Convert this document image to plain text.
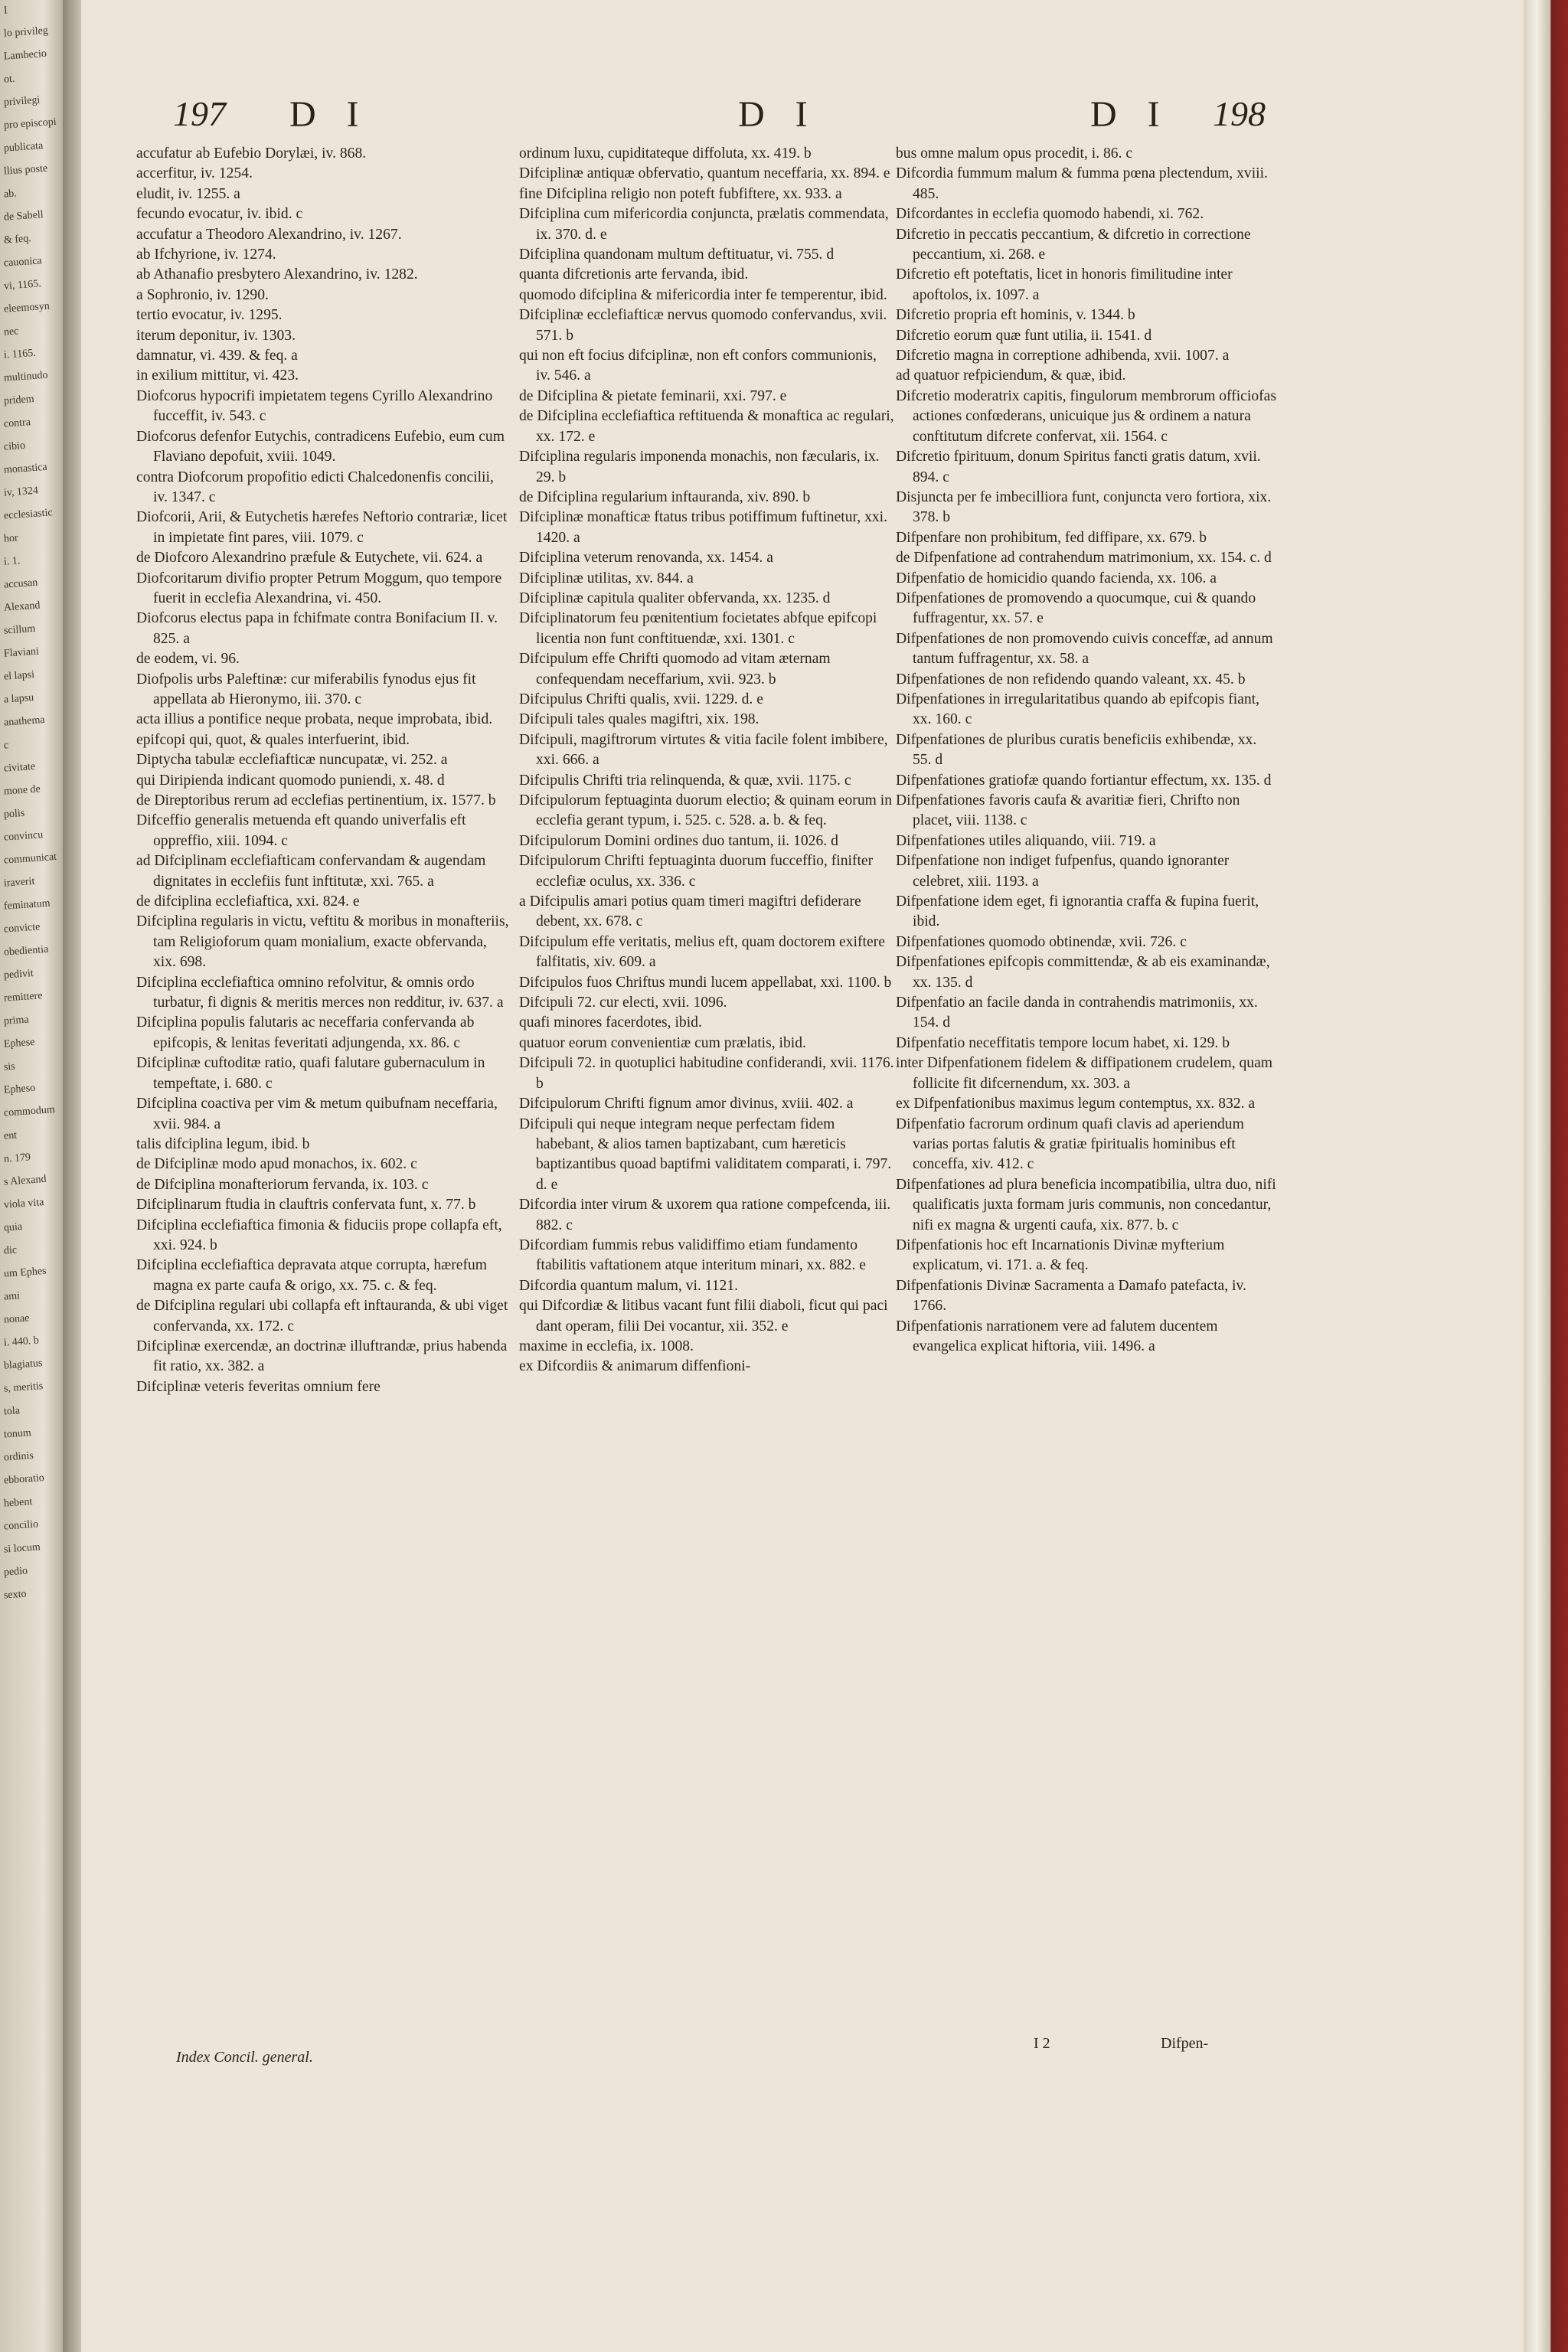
I
lo privileg
Lambecio
ot.
privilegi
pro episcopi
publicata
llius poste
ab.
de Sabell
& feq.
cauonica
vi, 1165.
eleemosyn
nec
i. 1165.
multinudo
pridem
contra
cibio
monastica
iv, 1324
ecclesiastic
hor
i. 1.
accusan
Alexand
scillum
Flaviani
el lapsi
a lapsu
anathema
c
civitate
mone de
polis
convincu
communicat
iraverit
feminatum
convicte
obedientia
pedivit
remittere
prima
Ephese
sis
Epheso
commodum
ent
n. 179
s Alexand
viola vita
quia
dic
um Ephes
ami
nonae
i. 440. b
blagiatus
s, meritis
tola
tonum
ordinis
ebboratio
hebent
concilio
si locum
pedio
sexto
197 D I	D I	D I 198
accufatur ab Eufebio Dorylæi, iv. 868.
accerfitur, iv. 1254.
eludit, iv. 1255. a
fecundo evocatur, iv. ibid. c
accufatur a Theodoro Alexandrino, iv. 1267.
ab Ifchyrione, iv. 1274.
ab Athanafio presbytero Alexandrino, iv. 1282.
a Sophronio, iv. 1290.
tertio evocatur, iv. 1295.
iterum deponitur, iv. 1303.
damnatur, vi. 439. & feq. a
in exilium mittitur, vi. 423.
Diofcorus hypocrifi impietatem tegens Cyrillo Alexandrino fucceffit, iv. 543. c
Diofcorus defenfor Eutychis, contradicens Eufebio, eum cum Flaviano depofuit, xviii. 1049.
contra Diofcorum propofitio edicti Chalcedonenfis concilii, iv. 1347. c
Diofcorii, Arii, & Eutychetis hærefes Neftorio contrariæ, licet in impietate fint pares, viii. 1079. c
de Diofcoro Alexandrino præfule & Eutychete, vii. 624. a
Diofcoritarum divifio propter Petrum Moggum, quo tempore fuerit in ecclefia Alexandrina, vi. 450.
Diofcorus electus papa in fchifmate contra Bonifacium II. v. 825. a
de eodem, vi. 96.
Diofpolis urbs Paleftinæ: cur miferabilis fynodus ejus fit appellata ab Hieronymo, iii. 370. c
acta illius a pontifice neque probata, neque improbata, ibid.
epifcopi qui, quot, & quales interfuerint, ibid.
Diptycha tabulæ ecclefiafticæ nuncupatæ, vi. 252. a
qui Diripienda indicant quomodo puniendi, x. 48. d
de Direptoribus rerum ad ecclefias pertinentium, ix. 1577. b
Difceffio generalis metuenda eft quando univerfalis eft oppreffio, xiii. 1094. c
ad Difciplinam ecclefiafticam confervandam & augendam dignitates in ecclefiis funt inftitutæ, xxi. 765. a
de difciplina ecclefiaftica, xxi. 824. e
Difciplina regularis in victu, veftitu & moribus in monafteriis, tam Religioforum quam monialium, exacte obfervanda, xix. 698.
Difciplina ecclefiaftica omnino refolvitur, & omnis ordo turbatur, fi dignis & meritis merces non redditur, iv. 637. a
Difciplina populis falutaris ac neceffaria confervanda ab epifcopis, & lenitas feveritati adjungenda, xx. 86. c
Difciplinæ cuftoditæ ratio, quafi falutare gubernaculum in tempeftate, i. 680. c
Difciplina coactiva per vim & metum quibufnam neceffaria, xvii. 984. a
talis difciplina legum, ibid. b
de Difciplinæ modo apud monachos, ix. 602. c
de Difciplina monafteriorum fervanda, ix. 103. c
Difciplinarum ftudia in clauftris confervata funt, x. 77. b
Difciplina ecclefiaftica fimonia & fiduciis prope collapfa eft, xxi. 924. b
Difciplina ecclefiaftica depravata atque corrupta, hærefum magna ex parte caufa & origo, xx. 75. c. & feq.
de Difciplina regulari ubi collapfa eft inftauranda, & ubi viget confervanda, xx. 172. c
Difciplinæ exercendæ, an doctrinæ illuftrandæ, prius habenda fit ratio, xx. 382. a
Difciplinæ veteris feveritas omnium fere
ordinum luxu, cupiditateque diffoluta, xx. 419. b
Difciplinæ antiquæ obfervatio, quantum neceffaria, xx. 894. e
fine Difciplina religio non poteft fubfiftere, xx. 933. a
Difciplina cum mifericordia conjuncta, prælatis commendata, ix. 370. d. e
Difciplina quandonam multum deftituatur, vi. 755. d
quanta difcretionis arte fervanda, ibid.
quomodo difciplina & mifericordia inter fe temperentur, ibid.
Difciplinæ ecclefiafticæ nervus quomodo confervandus, xvii. 571. b
qui non eft focius difciplinæ, non eft confors communionis, iv. 546. a
de Difciplina & pietate feminarii, xxi. 797. e
de Difciplina ecclefiaftica reftituenda & monaftica ac regulari, xx. 172. e
Difciplina regularis imponenda monachis, non fæcularis, ix. 29. b
de Difciplina regularium inftauranda, xiv. 890. b
Difciplinæ monafticæ ftatus tribus potiffimum fuftinetur, xxi. 1420. a
Difciplina veterum renovanda, xx. 1454. a
Difciplinæ utilitas, xv. 844. a
Difciplinæ capitula qualiter obfervanda, xx. 1235. d
Difciplinatorum feu pœnitentium focietates abfque epifcopi licentia non funt conftituendæ, xxi. 1301. c
Difcipulum effe Chrifti quomodo ad vitam æternam confequendam neceffarium, xvii. 923. b
Difcipulus Chrifti qualis, xvii. 1229. d. e
Difcipuli tales quales magiftri, xix. 198.
Difcipuli, magiftrorum virtutes & vitia facile folent imbibere, xxi. 666. a
Difcipulis Chrifti tria relinquenda, & quæ, xvii. 1175. c
Difcipulorum feptuaginta duorum electio; & quinam eorum in ecclefia gerant typum, i. 525. c. 528. a. b. & feq.
Difcipulorum Domini ordines duo tantum, ii. 1026. d
Difcipulorum Chrifti feptuaginta duorum fucceffio, finifter ecclefiæ oculus, xx. 336. c
a Difcipulis amari potius quam timeri magiftri defiderare debent, xx. 678. c
Difcipulum effe veritatis, melius eft, quam doctorem exiftere falfitatis, xiv. 609. a
Difcipulos fuos Chriftus mundi lucem appellabat, xxi. 1100. b
Difcipuli 72. cur electi, xvii. 1096.
quafi minores facerdotes, ibid.
quatuor eorum convenientiæ cum prælatis, ibid.
Difcipuli 72. in quotuplici habitudine confiderandi, xvii. 1176. b
Difcipulorum Chrifti fignum amor divinus, xviii. 402. a
Difcipuli qui neque integram neque perfectam fidem habebant, & alios tamen baptizabant, cum hæreticis baptizantibus quoad baptifmi validitatem comparati, i. 797. d. e
Difcordia inter virum & uxorem qua ratione compefcenda, iii. 882. c
Difcordiam fummis rebus validiffimo etiam fundamento ftabilitis vaftationem atque interitum minari, xx. 882. e
Difcordia quantum malum, vi. 1121.
qui Difcordiæ & litibus vacant funt filii diaboli, ficut qui paci dant operam, filii Dei vocantur, xii. 352. e
maxime in ecclefia, ix. 1008.
ex Difcordiis & animarum diffenfioni-
bus omne malum opus procedit, i. 86. c
Difcordia fummum malum & fumma pœna plectendum, xviii. 485.
Difcordantes in ecclefia quomodo habendi, xi. 762.
Difcretio in peccatis peccantium, & difcretio in correctione peccantium, xi. 268. e
Difcretio eft poteftatis, licet in honoris fimilitudine inter apoftolos, ix. 1097. a
Difcretio propria eft hominis, v. 1344. b
Difcretio eorum quæ funt utilia, ii. 1541. d
Difcretio magna in correptione adhibenda, xvii. 1007. a
ad quatuor refpiciendum, & quæ, ibid.
Difcretio moderatrix capitis, fingulorum membrorum officiofas actiones confœderans, unicuique jus & ordinem a natura conftitutum difcrete confervat, xii. 1564. c
Difcretio fpirituum, donum Spiritus fancti gratis datum, xvii. 894. c
Disjuncta per fe imbecilliora funt, conjuncta vero fortiora, xix. 378. b
Difpenfare non prohibitum, fed diffipare, xx. 679. b
de Difpenfatione ad contrahendum matrimonium, xx. 154. c. d
Difpenfatio de homicidio quando facienda, xx. 106. a
Difpenfationes de promovendo a quocumque, cui & quando fuffragentur, xx. 57. e
Difpenfationes de non promovendo cuivis conceffæ, ad annum tantum fuffragentur, xx. 58. a
Difpenfationes de non refidendo quando valeant, xx. 45. b
Difpenfationes in irregularitatibus quando ab epifcopis fiant, xx. 160. c
Difpenfationes de pluribus curatis beneficiis exhibendæ, xx. 55. d
Difpenfationes gratiofæ quando fortiantur effectum, xx. 135. d
Difpenfationes favoris caufa & avaritiæ fieri, Chrifto non placet, viii. 1138. c
Difpenfationes utiles aliquando, viii. 719. a
Difpenfatione non indiget fufpenfus, quando ignoranter celebret, xiii. 1193. a
Difpenfatione idem eget, fi ignorantia craffa & fupina fuerit, ibid.
Difpenfationes quomodo obtinendæ, xvii. 726. c
Difpenfationes epifcopis committendæ, & ab eis examinandæ, xx. 135. d
Difpenfatio an facile danda in contrahendis matrimoniis, xx. 154. d
Difpenfatio neceffitatis tempore locum habet, xi. 129. b
inter Difpenfationem fidelem & diffipationem crudelem, quam follicite fit difcernendum, xx. 303. a
ex Difpenfationibus maximus legum contemptus, xx. 832. a
Difpenfatio facrorum ordinum quafi clavis ad aperiendum varias portas falutis & gratiæ fpiritualis hominibus eft conceffa, xiv. 412. c
Difpenfationes ad plura beneficia incompatibilia, ultra duo, nifi qualificatis juxta formam juris communis, non concedantur, nifi ex magna & urgenti caufa, xix. 877. b. c
Difpenfationis hoc eft Incarnationis Divinæ myfterium explicatum, vi. 171. a. & feq.
Difpenfationis Divinæ Sacramenta a Damafo patefacta, iv. 1766.
Difpenfationis narrationem vere ad falutem ducentem evangelica explicat hiftoria, viii. 1496. a
Index Concil. general.
I 2	Difpen-
